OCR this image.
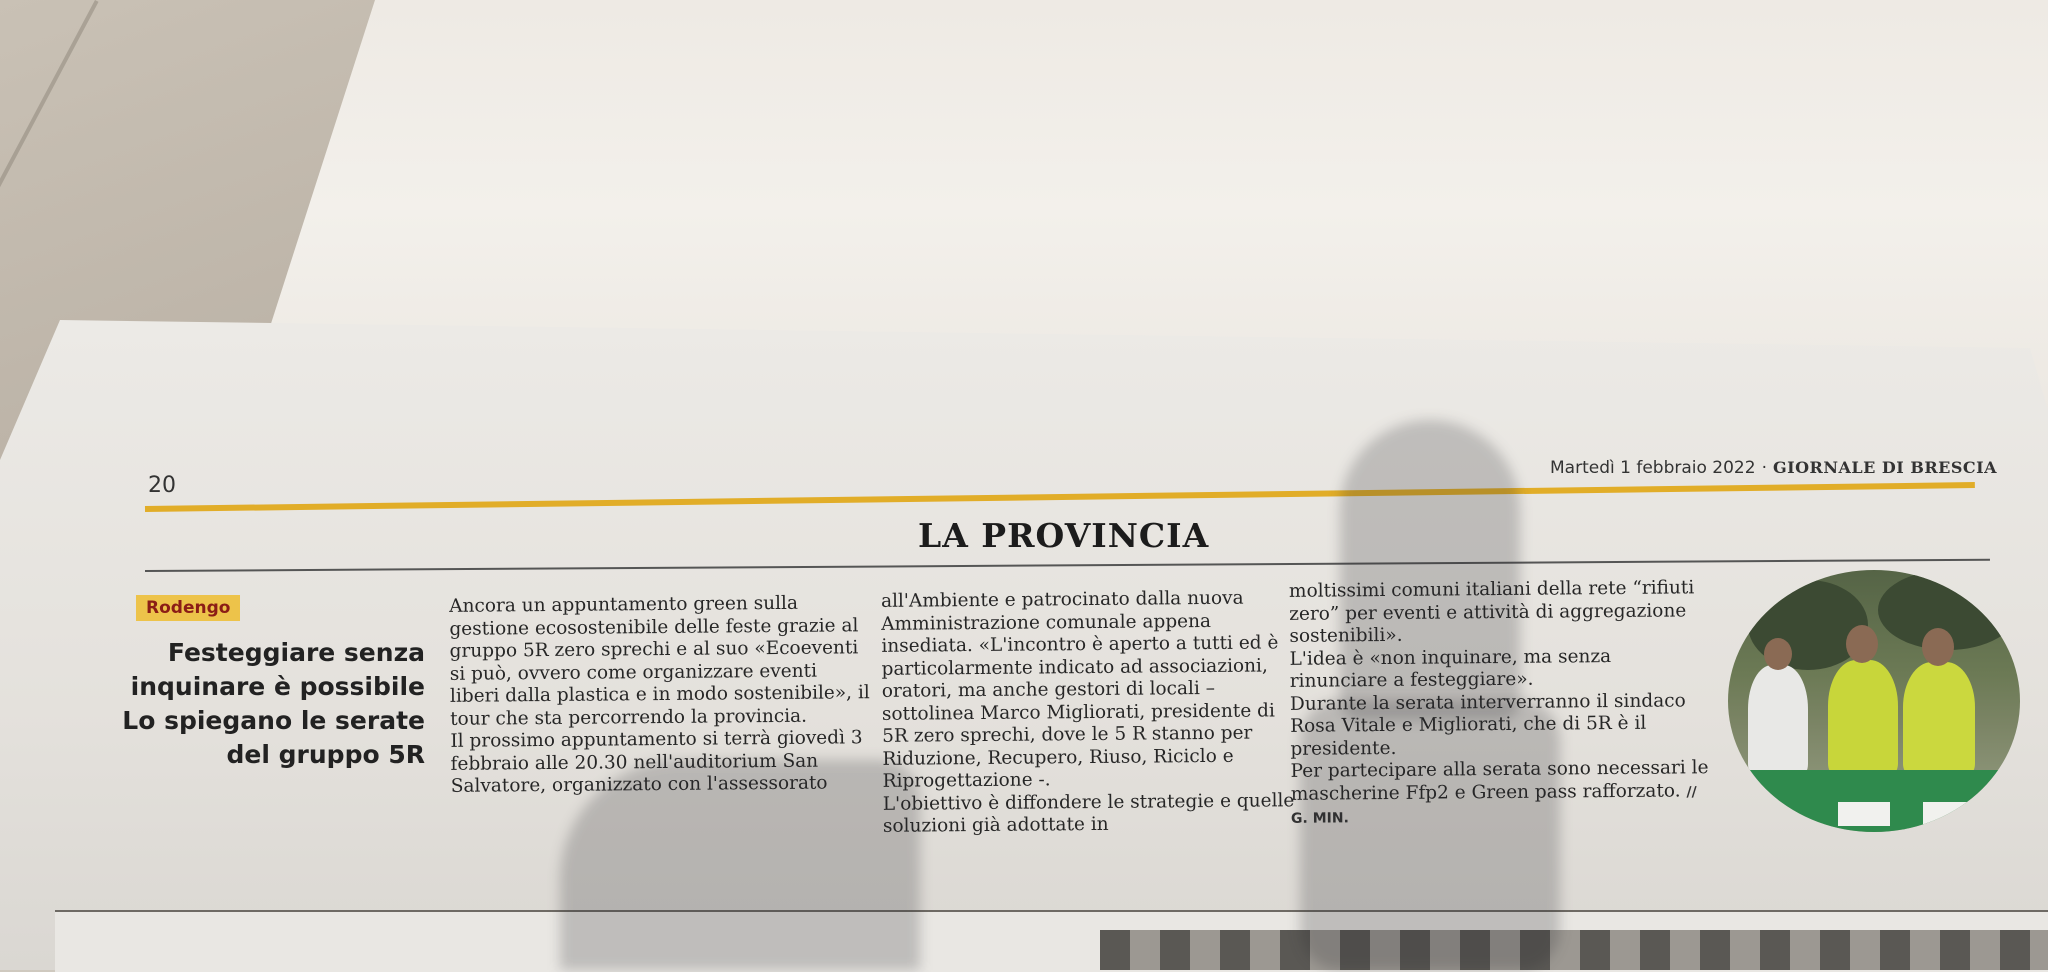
20
Martedì 1 febbraio 2022 · GIORNALE DI BRESCIA
LA PROVINCIA
Rodengo
Festeggiare senza inquinare è possibile Lo spiegano le serate del gruppo 5R
Ancora un appuntamento green sulla gestione ecosostenibile delle feste grazie al gruppo 5R zero sprechi e al suo «Ecoeventi si può, ovvero come organizzare eventi liberi dalla plastica e in modo sostenibile», il tour che sta percorrendo la provincia.
Il prossimo appuntamento si terrà giovedì 3 febbraio alle 20.30 nell'auditorium San Salvatore, organizzato con l'assessorato
all'Ambiente e patrocinato dalla nuova Amministrazione comunale appena insediata. «L'incontro è aperto a tutti ed è particolarmente indicato ad associazioni, oratori, ma anche gestori di locali – sottolinea Marco Migliorati, presidente di 5R zero sprechi, dove le 5 R stanno per Riduzione, Recupero, Riuso, Riciclo e Riprogettazione -.
L'obiettivo è diffondere le strategie e quelle soluzioni già adottate in
moltissimi comuni italiani della rete “rifiuti zero” per eventi e attività di aggregazione sostenibili».
L'idea è «non inquinare, ma senza rinunciare a festeggiare».
Durante la serata interverranno il sindaco Rosa Vitale e Migliorati, che di 5R è il presidente.
Per partecipare alla serata sono necessari le mascherine Ffp2 e Green pass rafforzato. // G. MIN.
